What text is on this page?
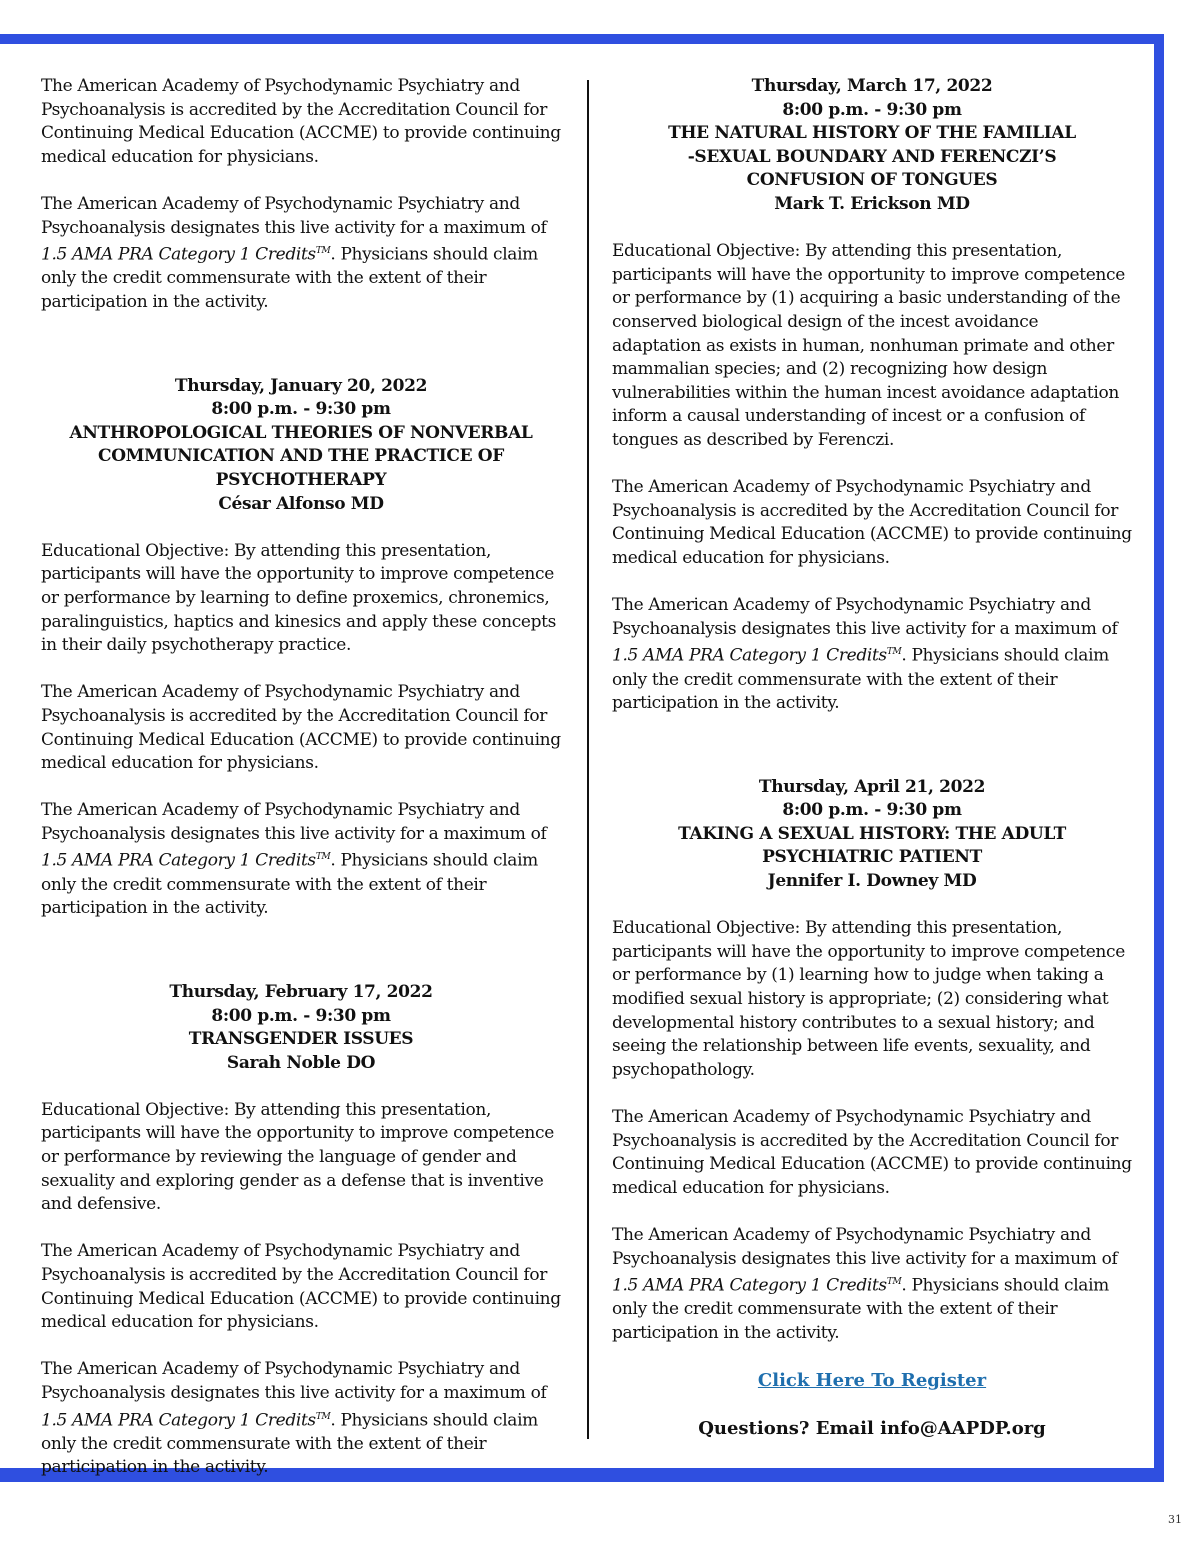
The American Academy of Psychodynamic Psychiatry and Psychoanalysis is accredited by the Accreditation Council for Continuing Medical Education (ACCME) to provide continuing medical education for physicians.

The American Academy of Psychodynamic Psychiatry and Psychoanalysis designates this live activity for a maximum of 1.5 AMA PRA Category 1 Credits™. Physicians should claim only the credit commensurate with the extent of their participation in the activity.

Thursday, January 20, 2022
8:00 p.m. - 9:30 pm
ANTHROPOLOGICAL THEORIES OF NONVERBAL COMMUNICATION AND THE PRACTICE OF PSYCHOTHERAPY
César Alfonso MD

Educational Objective: By attending this presentation, participants will have the opportunity to improve competence or performance by learning to define proxemics, chronemics, paralinguistics, haptics and kinesics and apply these concepts in their daily psychotherapy practice.

The American Academy of Psychodynamic Psychiatry and Psychoanalysis is accredited by the Accreditation Council for Continuing Medical Education (ACCME) to provide continuing medical education for physicians.

The American Academy of Psychodynamic Psychiatry and Psychoanalysis designates this live activity for a maximum of 1.5 AMA PRA Category 1 Credits™. Physicians should claim only the credit commensurate with the extent of their participation in the activity.

Thursday, February 17, 2022
8:00 p.m. - 9:30 pm
TRANSGENDER ISSUES
Sarah Noble DO

Educational Objective: By attending this presentation, participants will have the opportunity to improve competence or performance by reviewing the language of gender and sexuality and exploring gender as a defense that is inventive and defensive.

The American Academy of Psychodynamic Psychiatry and Psychoanalysis is accredited by the Accreditation Council for Continuing Medical Education (ACCME) to provide continuing medical education for physicians.

The American Academy of Psychodynamic Psychiatry and Psychoanalysis designates this live activity for a maximum of 1.5 AMA PRA Category 1 Credits™. Physicians should claim only the credit commensurate with the extent of their participation in the activity.

Thursday, March 17, 2022
8:00 p.m. - 9:30 pm
THE NATURAL HISTORY OF THE FAMILIAL
-SEXUAL BOUNDARY AND FERENCZI’S
CONFUSION OF TONGUES
Mark T. Erickson MD

Educational Objective: By attending this presentation, participants will have the opportunity to improve competence or performance by (1) acquiring a basic understanding of the conserved biological design of the incest avoidance adaptation as exists in human, nonhuman primate and other mammalian species; and (2) recognizing how design vulnerabilities within the human incest avoidance adaptation inform a causal understanding of incest or a confusion of tongues as described by Ferenczi.

The American Academy of Psychodynamic Psychiatry and Psychoanalysis is accredited by the Accreditation Council for Continuing Medical Education (ACCME) to provide continuing medical education for physicians.

The American Academy of Psychodynamic Psychiatry and Psychoanalysis designates this live activity for a maximum of 1.5 AMA PRA Category 1 Credits™. Physicians should claim only the credit commensurate with the extent of their participation in the activity.

Thursday, April 21, 2022
8:00 p.m. - 9:30 pm
TAKING A SEXUAL HISTORY: THE ADULT
PSYCHIATRIC PATIENT
Jennifer I. Downey MD

Educational Objective: By attending this presentation, participants will have the opportunity to improve competence or performance by (1) learning how to judge when taking a modified sexual history is appropriate; (2) considering what developmental history contributes to a sexual history; and seeing the relationship between life events, sexuality, and psychopathology.

The American Academy of Psychodynamic Psychiatry and Psychoanalysis is accredited by the Accreditation Council for Continuing Medical Education (ACCME) to provide continuing medical education for physicians.

The American Academy of Psychodynamic Psychiatry and Psychoanalysis designates this live activity for a maximum of 1.5 AMA PRA Category 1 Credits™. Physicians should claim only the credit commensurate with the extent of their participation in the activity.

Click Here To Register
Questions? Email info@AAPDP.org
31
